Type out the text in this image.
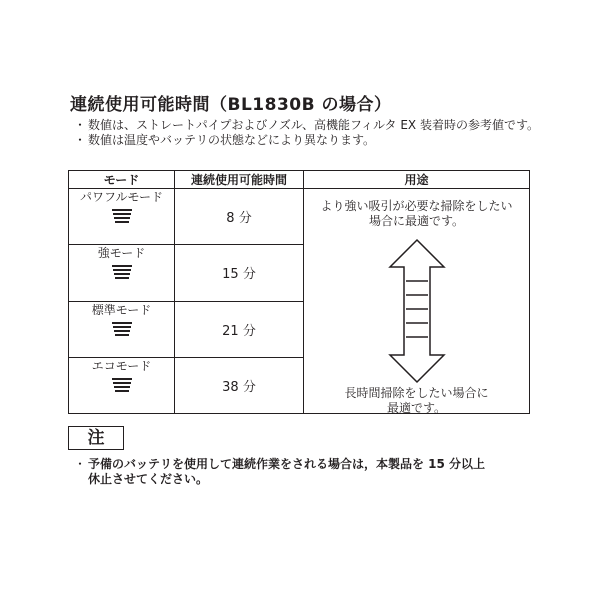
連続使用可能時間（BL1830B の場合）
・ 数値は、ストレートパイプおよびノズル、高機能フィルタ EX 装着時の参考値です。
・ 数値は温度やバッテリの状態などにより異なります。
モード	連続使用可能時間	用途

パワフルモード	8 分	より強い吸引が必要な掃除をしたい
場合に最適です。
長時間掃除をしたい場合に
最適です。

強モード	15 分	

標準モード	21 分	

エコモード	38 分	
注
・ 予備のバッテリを使用して連続作業をされる場合は，本製品を 15 分以上
休止させてください。
